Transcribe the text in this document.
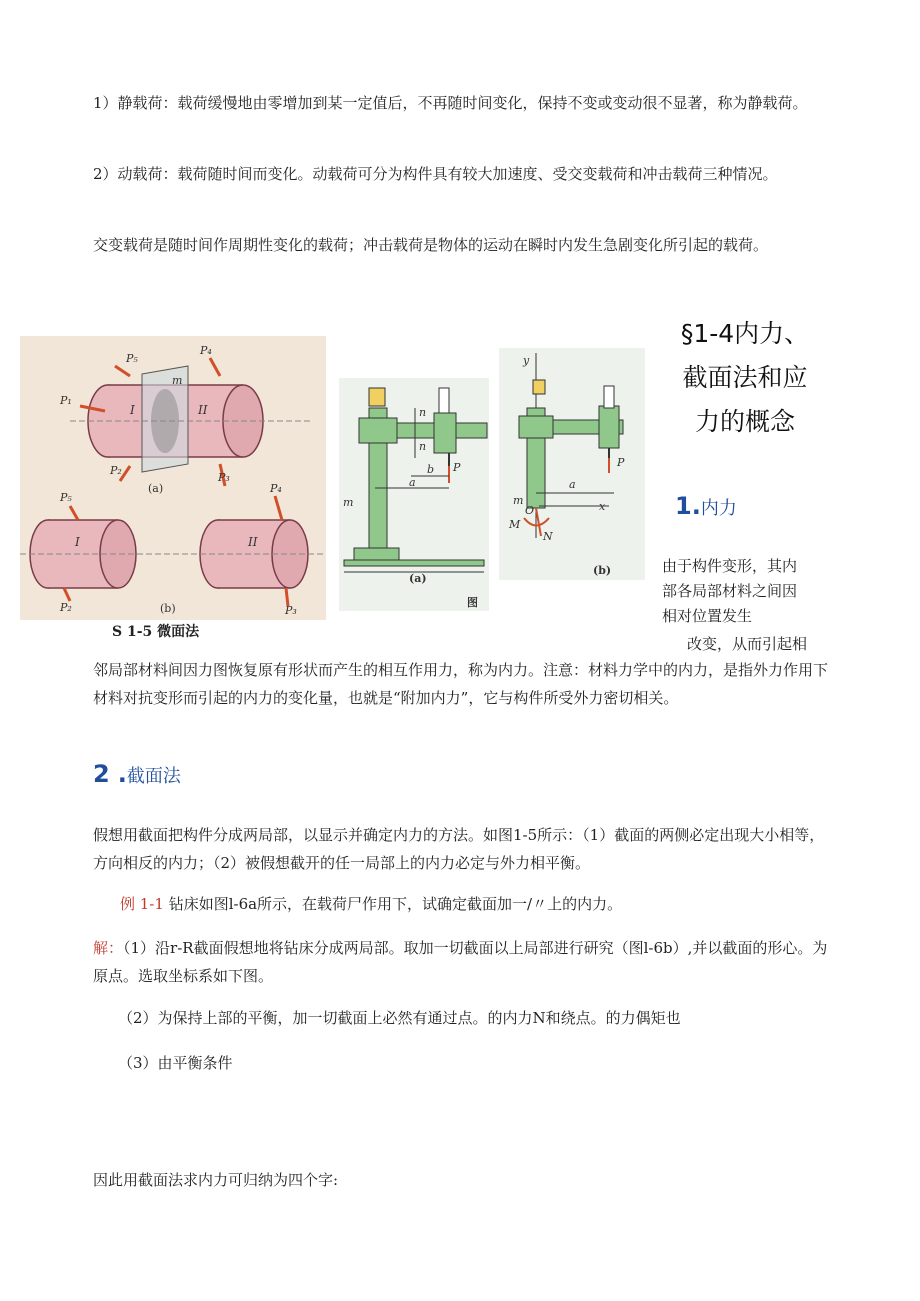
1）静载荷：载荷缓慢地由零增加到某一定值后，不再随时间变化，保持不变或变动很不显著，称为静载荷。

2）动载荷：载荷随时间而变化。动载荷可分为构件具有较大加速度、受交变载荷和冲击载荷三种情况。

交变载荷是随时间作周期性变化的载荷；冲击载荷是物体的运动在瞬时内发生急剧变化所引起的载荷。

§1-4内力、
截面法和应
力的概念
1.内力
由于构件变形，其内
部各局部材料之间因
相对位置发生
改变，从而引起相
P₅
P₄
P₁
P₂
P₃
I	II
m
(a)
P₅
P₂
I
P₄
P₃
II
(b)
S 1-5 微面法
n
n
m
b
a
P
(a)
图
y
x
a
P
m
O
M
N
(b)

邻局部材料间因力图恢复原有形状而产生的相互作用力，称为内力。注意：材料力学中的内力，是指外力作用下材料对抗变形而引起的内力的变化量，也就是“附加内力”，它与构件所受外力密切相关。

2 .截面法

假想用截面把构件分成两局部，以显示并确定内力的方法。如图1-5所示：（1）截面的两侧必定出现大小相等，方向相反的内力；（2）被假想截开的任一局部上的内力必定与外力相平衡。

例 1-1 钻床如图l-6a所示，在载荷尸作用下，试确定截面加一/〃上的内力。

解：（1）沿r-R截面假想地将钻床分成两局部。取加一切截面以上局部进行研究（图l-6b）,并以截面的形心。为原点。选取坐标系如下图。

（2）为保持上部的平衡，加一切截面上必然有通过点。的内力N和绕点。的力偶矩也

（3）由平衡条件

因此用截面法求内力可归纳为四个字:
